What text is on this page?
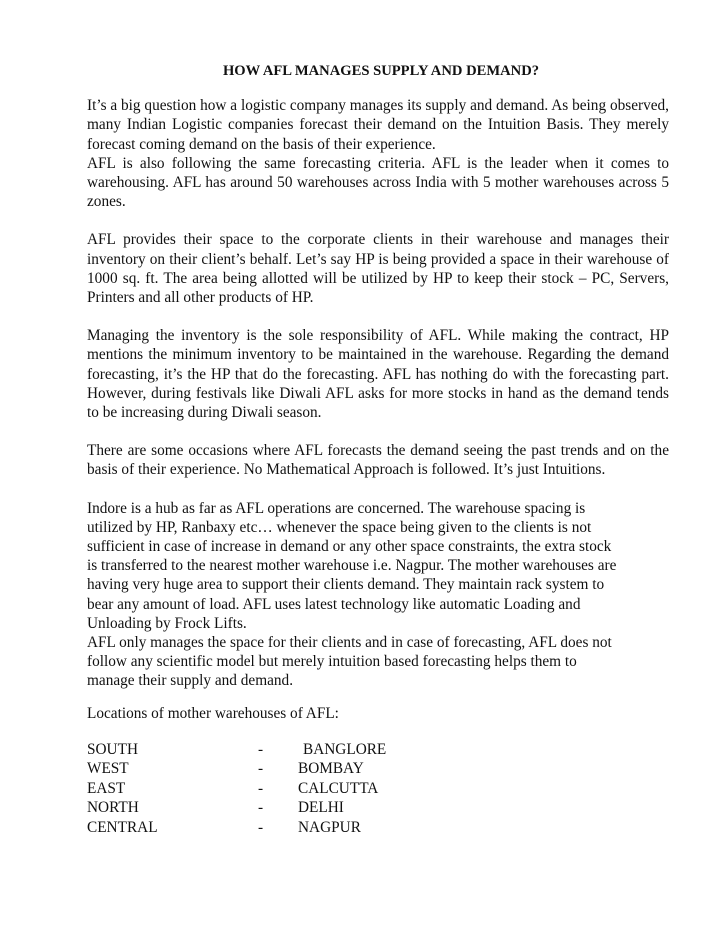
HOW AFL MANAGES SUPPLY AND DEMAND?

It’s a big question how a logistic company manages its supply and demand. As being observed, many Indian Logistic companies forecast their demand on the Intuition Basis. They merely forecast coming demand on the basis of their experience.

AFL is also following the same forecasting criteria. AFL is the leader when it comes to warehousing. AFL has around 50 warehouses across India with 5 mother warehouses across 5 zones.

AFL provides their space to the corporate clients in their warehouse and manages their inventory on their client’s behalf. Let’s say HP is being provided a space in their warehouse of 1000 sq. ft. The area being allotted will be utilized by HP to keep their stock – PC, Servers, Printers and all other products of HP.

Managing the inventory is the sole responsibility of AFL. While making the contract, HP mentions the minimum inventory to be maintained in the warehouse. Regarding the demand forecasting, it’s the HP that do the forecasting. AFL has nothing do with the forecasting part. However, during festivals like Diwali AFL asks for more stocks in hand as the demand tends to be increasing during Diwali season.

There are some occasions where AFL forecasts the demand seeing the past trends and on the basis of their experience. No Mathematical Approach is followed. It’s just Intuitions.

Indore is a hub as far as AFL operations are concerned. The warehouse spacing is

utilized by HP, Ranbaxy etc… whenever the space being given to the clients is not

sufficient in case of increase in demand or any other space constraints, the extra stock

is transferred to the nearest mother warehouse i.e. Nagpur. The mother warehouses are

having very huge area to support their clients demand. They maintain rack system to

bear any amount of load. AFL uses latest technology like automatic Loading and

Unloading by Frock Lifts.

AFL only manages the space for their clients and in case of forecasting, AFL does not

follow any scientific model but merely intuition based forecasting helps them to

manage their supply and demand.

Locations of mother warehouses of AFL:

SOUTH	-	BANGLORE
WEST	-	BOMBAY
EAST	-	CALCUTTA
NORTH	-	DELHI
CENTRAL	-	NAGPUR
